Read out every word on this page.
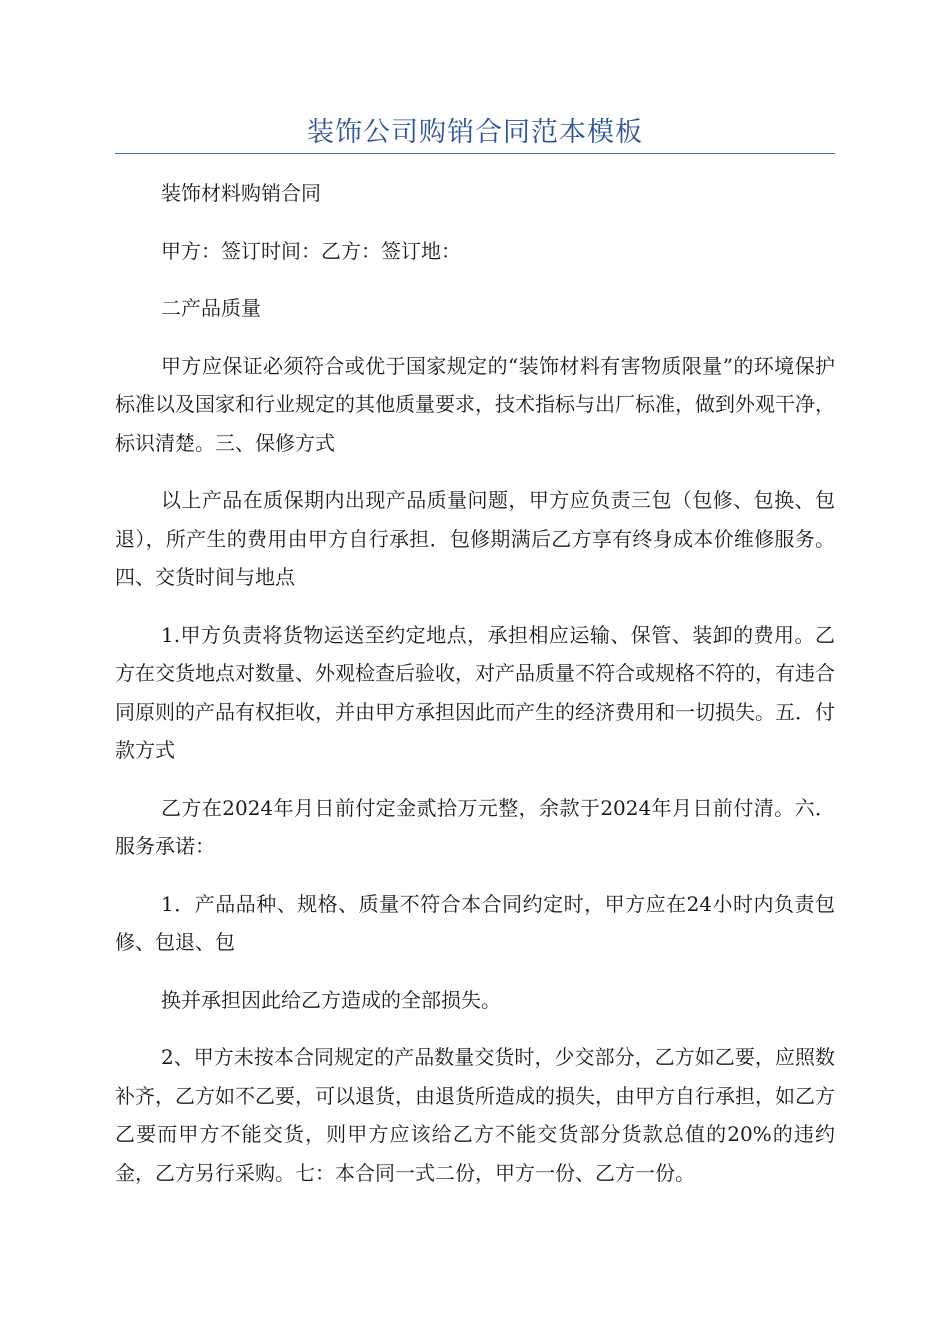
装饰公司购销合同范本模板

装饰材料购销合同

甲方：签订时间：乙方：签订地：

二产品质量

甲方应保证必须符合或优于国家规定的“装饰材料有害物质限量”的环境保护标准以及国家和行业规定的其他质量要求，技术指标与出厂标准，做到外观干净，标识清楚。三、保修方式

以上产品在质保期内出现产品质量问题，甲方应负责三包（包修、包换、包退），所产生的费用由甲方自行承担．包修期满后乙方享有终身成本价维修服务。四、交货时间与地点

1.甲方负责将货物运送至约定地点，承担相应运输、保管、装卸的费用。乙方在交货地点对数量、外观检查后验收，对产品质量不符合或规格不符的，有违合同原则的产品有权拒收，并由甲方承担因此而产生的经济费用和一切损失。五．付款方式

乙方在2024年月日前付定金贰拾万元整，余款于2024年月日前付清。六．服务承诺：

1．产品品种、规格、质量不符合本合同约定时，甲方应在24小时内负责包修、包退、包

换并承担因此给乙方造成的全部损失。

2、甲方未按本合同规定的产品数量交货时，少交部分，乙方如乙要，应照数补齐，乙方如不乙要，可以退货，由退货所造成的损失，由甲方自行承担，如乙方乙要而甲方不能交货，则甲方应该给乙方不能交货部分货款总值的20%的违约金，乙方另行采购。七：本合同一式二份，甲方一份、乙方一份。
